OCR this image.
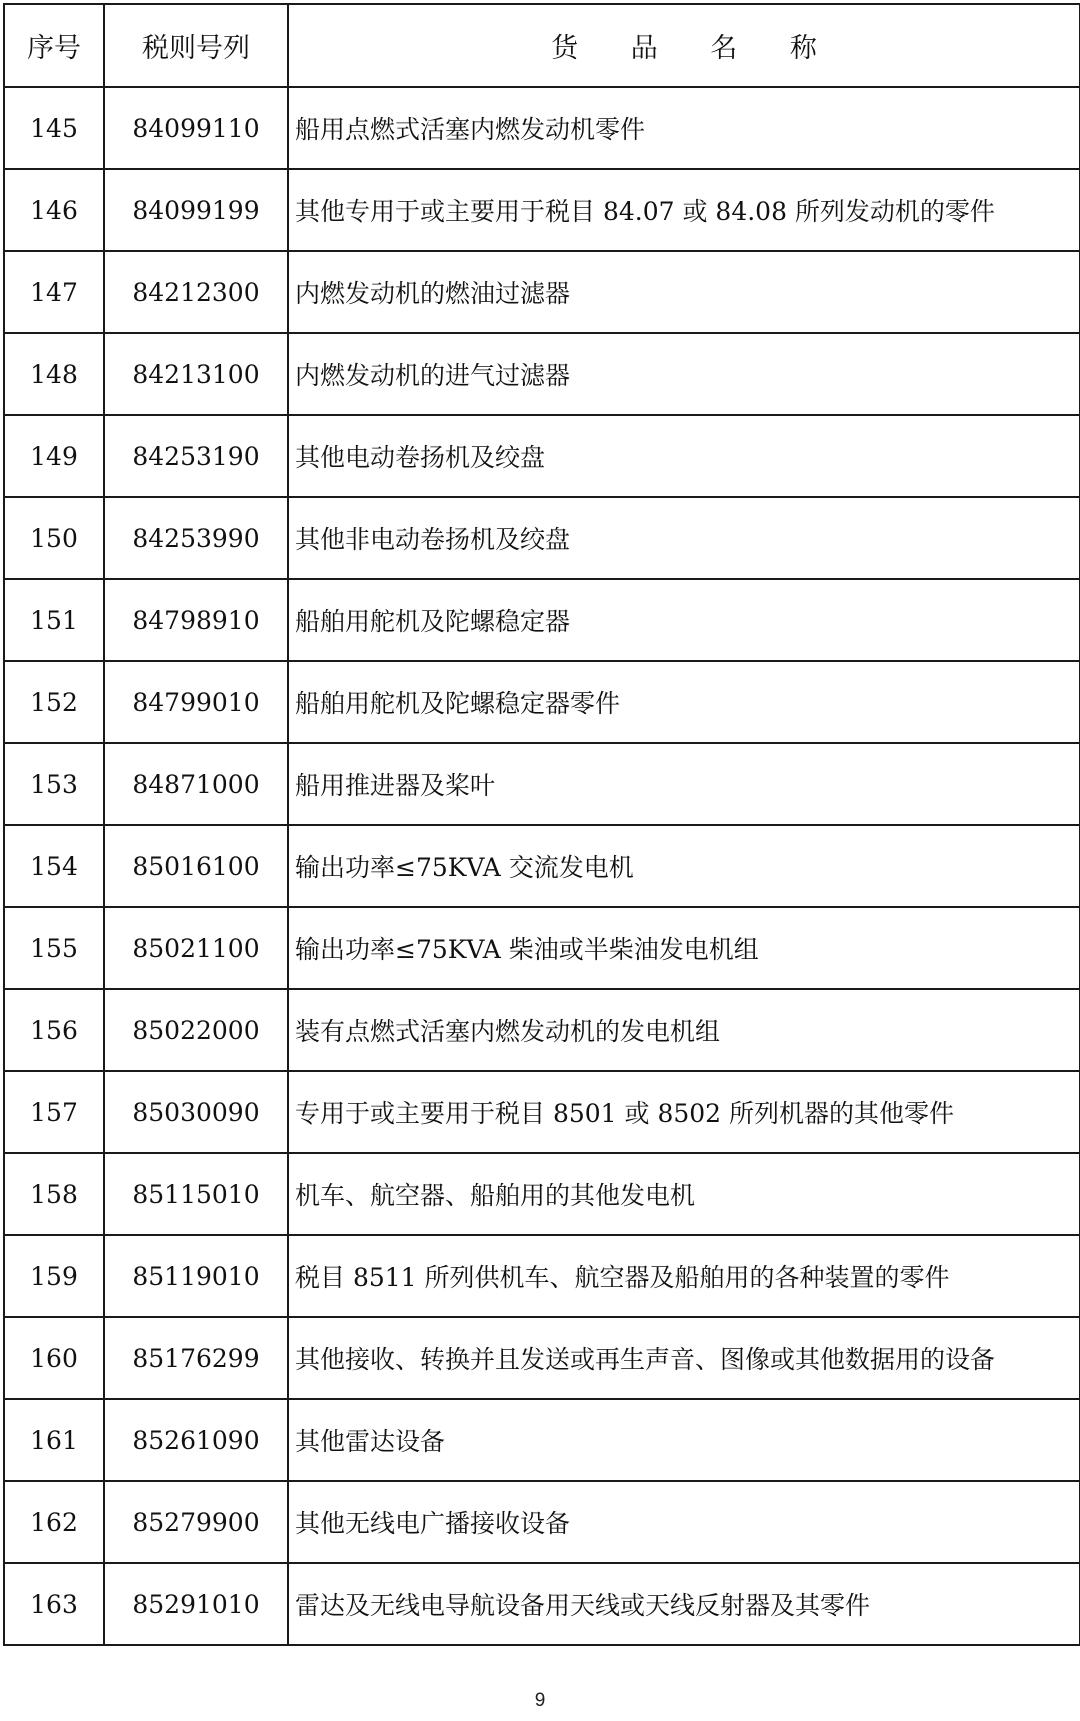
序号	税则号列	货 品 名 称
145	84099110	船用点燃式活塞内燃发动机零件
146	84099199	其他专用于或主要用于税目 84.07 或 84.08 所列发动机的零件
147	84212300	内燃发动机的燃油过滤器
148	84213100	内燃发动机的进气过滤器
149	84253190	其他电动卷扬机及绞盘
150	84253990	其他非电动卷扬机及绞盘
151	84798910	船舶用舵机及陀螺稳定器
152	84799010	船舶用舵机及陀螺稳定器零件
153	84871000	船用推进器及桨叶
154	85016100	输出功率≤75KVA 交流发电机
155	85021100	输出功率≤75KVA 柴油或半柴油发电机组
156	85022000	装有点燃式活塞内燃发动机的发电机组
157	85030090	专用于或主要用于税目 8501 或 8502 所列机器的其他零件
158	85115010	机车、航空器、船舶用的其他发电机
159	85119010	税目 8511 所列供机车、航空器及船舶用的各种装置的零件
160	85176299	其他接收、转换并且发送或再生声音、图像或其他数据用的设备
161	85261090	其他雷达设备
162	85279900	其他无线电广播接收设备
163	85291010	雷达及无线电导航设备用天线或天线反射器及其零件
9
